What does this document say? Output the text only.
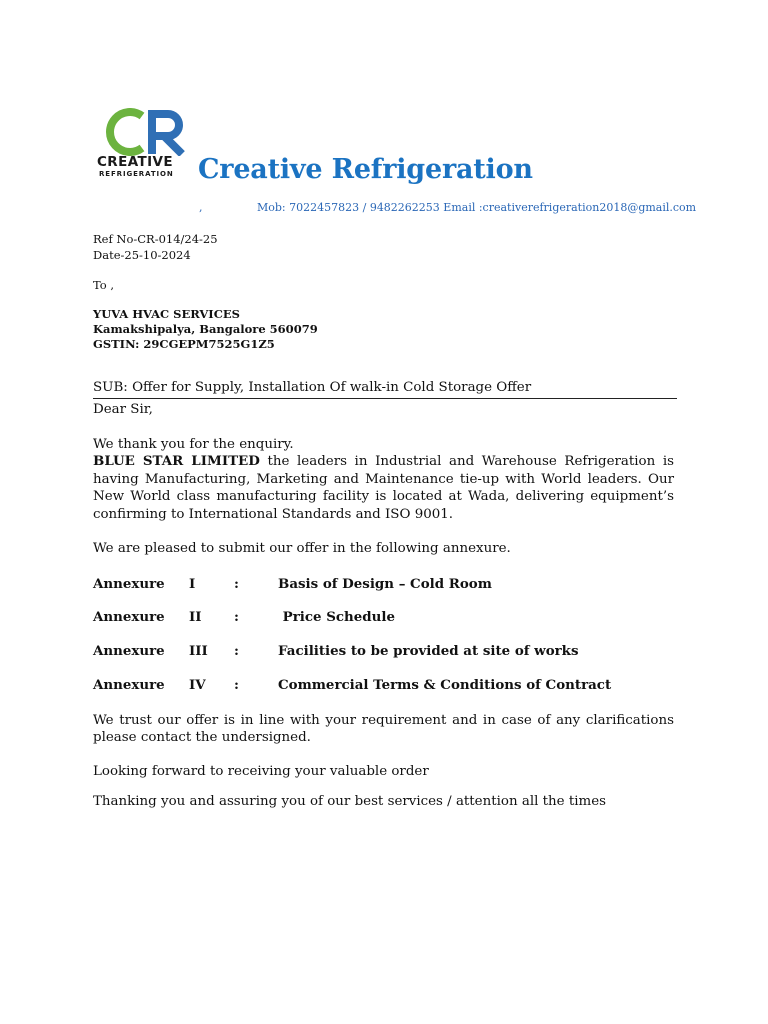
CREATIVE
REFRIGERATION Creative Refrigeration
,	Mob: 7022457823 / 9482262253 Email :creativerefrigeration2018@gmail.com
Ref No-CR-014/24-25
Date-25-10-2024
To ,
YUVA HVAC SERVICES
Kamakshipalya, Bangalore 560079
GSTIN: 29CGEPM7525G1Z5
SUB: Offer for Supply, Installation Of walk-in Cold Storage Offer
Dear Sir,

We thank you for the enquiry.

BLUE STAR LIMITED the leaders in Industrial and Warehouse Refrigeration is having Manufacturing, Marketing and Maintenance tie-up with World leaders. Our New World class manufacturing facility is located at Wada, delivering equipment’s confirming to International Standards and ISO 9001.

We are pleased to submit our offer in the following annexure.
Annexure I	:	Basis of Design – Cold Room
Annexure II :	Price Schedule
Annexure III :	Facilities to be provided at site of works
Annexure IV :	Commercial Terms & Conditions of Contract
We trust our offer is in line with your requirement and in case of any clarifications please contact the undersigned.
Looking forward to receiving your valuable order
Thanking you and assuring you of our best services / attention all the times
